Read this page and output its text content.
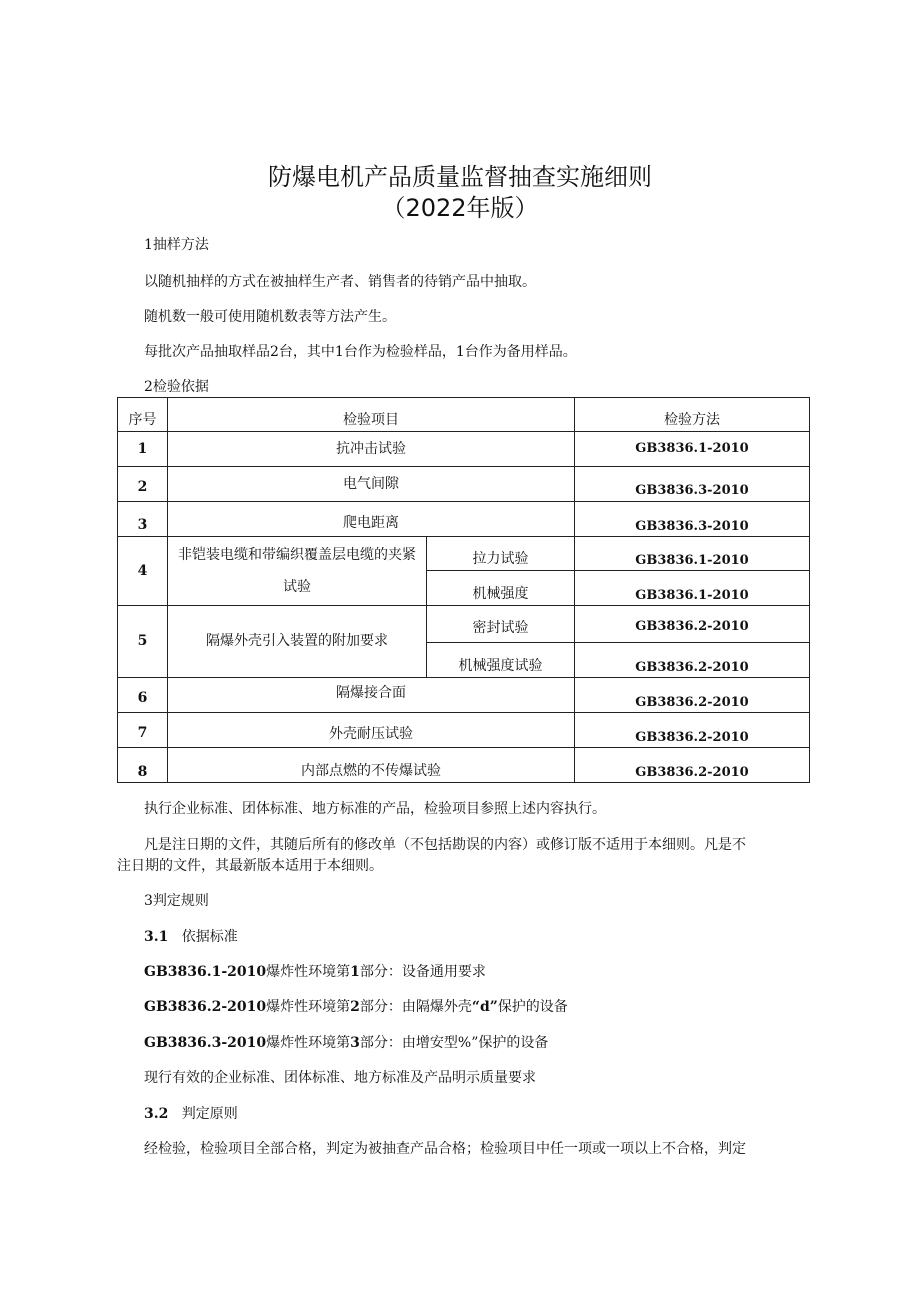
防爆电机产品质量监督抽查实施细则
（2022年版）
1抽样方法
以随机抽样的方式在被抽样生产者、销售者的待销产品中抽取。
随机数一般可使用随机数表等方法产生。
每批次产品抽取样品2台，其中1台作为检验样品，1台作为备用样品。
2检验依据
序号	检验项目		检验方法
1	抗冲击试验		GB3836.1-2010
2	电气间隙		GB3836.3-2010
3	爬电距离		GB3836.3-2010
4	非铠装电缆和带编织覆盖层电缆的夹紧试验	拉力试验	GB3836.1-2010
		机械强度	GB3836.1-2010
5	隔爆外壳引入装置的附加要求	密封试验	GB3836.2-2010
		机械强度试验	GB3836.2-2010
6	隔爆接合面		GB3836.2-2010
7	外壳耐压试验		GB3836.2-2010
8	内部点燃的不传爆试验		GB3836.2-2010
执行企业标准、团体标准、地方标准的产品，检验项目参照上述内容执行。
凡是注日期的文件，其随后所有的修改单（不包括勘误的内容）或修订版不适用于本细则。凡是不
注日期的文件，其最新版本适用于本细则。
3判定规则
3.1 依据标准
GB3836.1-2010爆炸性环境第1部分：设备通用要求
GB3836.2-2010爆炸性环境第2部分：由隔爆外壳“d”保护的设备
GB3836.3-2010爆炸性环境第3部分：由增安型%”保护的设备
现行有效的企业标准、团体标准、地方标准及产品明示质量要求
3.2 判定原则
经检验，检验项目全部合格，判定为被抽查产品合格；检验项目中任一项或一项以上不合格，判定
